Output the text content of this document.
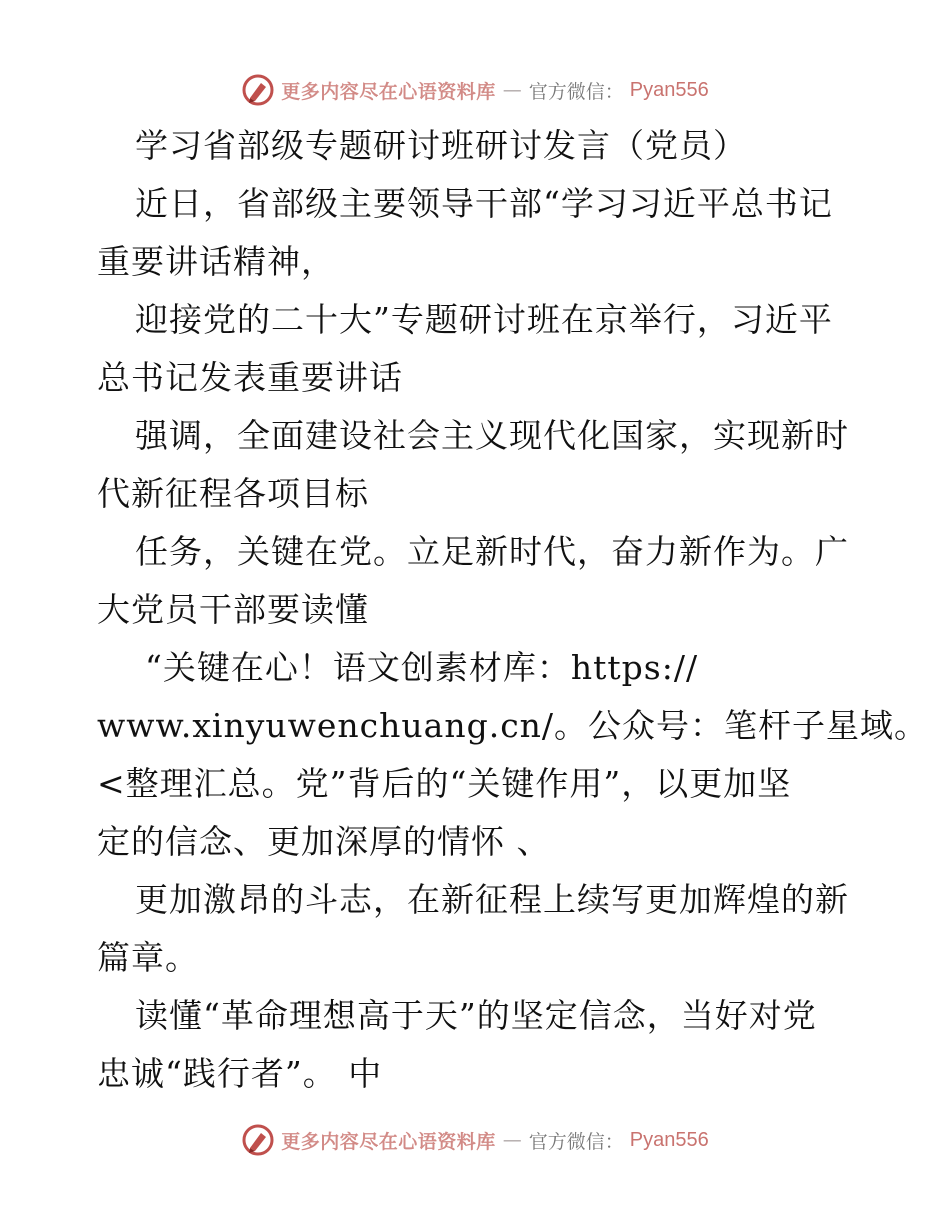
更多内容尽在心语资料库 — 官方微信： Pyan556
学习省部级专题研讨班研讨发言（党员）
近日，省部级主要领导干部“学习习近平总书记
重要讲话精神，
迎接党的二十大”专题研讨班在京举行，习近平
总书记发表重要讲话
强调，全面建设社会主义现代化国家，实现新时
代新征程各项目标
任务，关键在党。立足新时代，奋力新作为。广
大党员干部要读懂
“关键在心！语文创素材库：https://
www.xinyuwenchuang.cn/。公众号：笔杆子星域。
<整理汇总。党”背后的“关键作用”，以更加坚
定的信念、更加深厚的情怀 、
更加激昂的斗志，在新征程上续写更加辉煌的新
篇章。
读懂“革命理想高于天”的坚定信念，当好对党
忠诚“践行者”。 中
更多内容尽在心语资料库 — 官方微信： Pyan556
